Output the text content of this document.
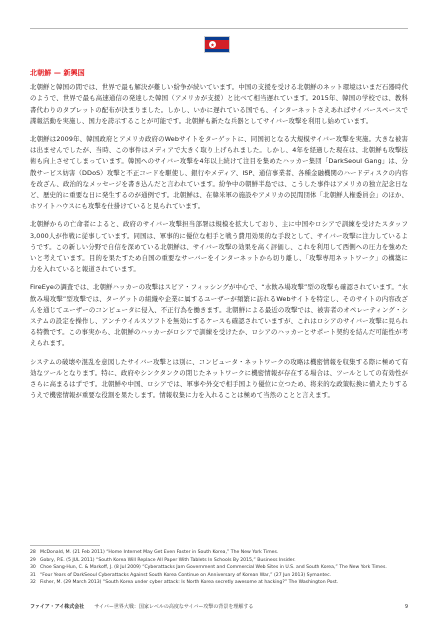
北朝鮮 — 新興国

北朝鮮と韓国の間では、世界で最も解決が難しい紛争が続いています。中国の支援を受ける北朝鮮のネット環境はいまだ石器時代のようで、世界で最も高速通信の発達した韓国（アメリカが支援）と比べて相当遅れています。2015年、韓国の学校では、教科書代わりのタブレットの配布が決まりました。しかし、いかに遅れている国でも、インターネットさえあればサイバースペースで諜報活動を実施し、国力を誇示することが可能です。北朝鮮も新たな兵器としてサイバー攻撃を利用し始めています。

北朝鮮は2009年、韓国政府とアメリカ政府のWebサイトをターゲットに、同国初となる大規模サイバー攻撃を実施。大きな被害は出ませんでしたが、当時、この事件はメディアで大きく取り上げられました。しかし、4年を経過した現在は、北朝鮮も攻撃技術も向上させてしまっています。韓国へのサイバー攻撃を4年以上続けて注目を集めたハッカー集団「DarkSeoul Gang」は、分散サービス妨害（DDoS）攻撃と不正コードを駆使し、銀行やメディア、ISP、通信事業者、各種金融機関のハードディスクの内容を改ざん、政治的なメッセージを書き込んだと言われています。紛争中の朝鮮半島では、こうした事件はアメリカの独立記念日など、歴史的に重要な日に発生するのが通例です。北朝鮮は、在韓米軍の施設やアメリカの民間団体「北朝鮮人権委員会」のほか、ホワイトハウスにも攻撃を仕掛けていると見られています。

北朝鮮からの亡命者によると、政府のサイバー攻撃担当部署は規模を拡大しており、主に中国やロシアで訓練を受けたスタッフ3,000人が作戦に従事しています。同国は、軍事的に優位な相手と戦う費用効果的な手段として、サイバー攻撃に注力しているようです。この新しい分野で自信を深めている北朝鮮は、サイバー攻撃の効果を高く評価し、これを利用して西側への圧力を強めたいと考えています。目的を果たすため自国の重要なサーバーをインターネットから切り離し、「攻撃専用ネットワーク」の構築に力を入れていると報道されています。

FireEyeの調査では、北朝鮮ハッカーの攻撃はスピア・フィッシングが中心で、“水飲み場攻撃”型の攻撃も確認されています。“水飲み場攻撃”型攻撃では、ターゲットの組織や企業に属するユーザーが頻繁に訪れるWebサイトを特定し、そのサイトの内容改ざんを通じてユーザーのコンピュータに侵入、不正行為を働きます。北朝鮮による最近の攻撃では、被害者のオペレーティング・システムの設定を操作し、アンチウイルスソフトを無効にするケースも確認されていますが、これはロシアのサイバー攻撃に見られる特徴です。この事実から、北朝鮮のハッカーがロシアで訓練を受けたか、ロシアのハッカーとサポート契約を結んだ可能性が考えられます。

システムの破壊や混乱を意図したサイバー攻撃とは別に、コンピュータ・ネットワークの攻略は機密情報を収集する際に極めて有効なツールとなります。特に、政府やシンクタンクの閉じたネットワークに機密情報が存在する場合は、ツールとしての有効性がさらに高まるはずです。北朝鮮や中国、ロシアでは、軍事や外交で相手国より優位に立つため、将来的な政策転換に備えたりするうえで機密情報が重要な役割を果たします。情報収集に力を入れることは極めて当然のことと言えます。

28 McDonald, M. (21 Feb 2011) “Home Internet May Get Even Faster in South Korea,” The New York Times.
29 Gobry, P.E. (5 JUL 2011) “South Korea Will Replace All Paper With Tablets In Schools By 2015,” Business Insider.
30 Choe Sang-Hun, C. & Markoff, J. (8 Jul 2009) “Cyberattacks Jam Government and Commercial Web Sites in U.S. and South Korea,” The New York Times.
31 “Four Years of DarkSeoul Cyberattacks Against South Korea Continue on Anniversary of Korean War,” (27 Jun 2013) Symantec.
32 Fisher, M. (29 March 2013) “South Korea under cyber attack: Is North Korea secretly awesome at hacking?” The Washington Post.
ファイア・アイ株式会社 サイバー世界大戦：国家レベルの高度なサイバー攻撃の背景を理解する	9
